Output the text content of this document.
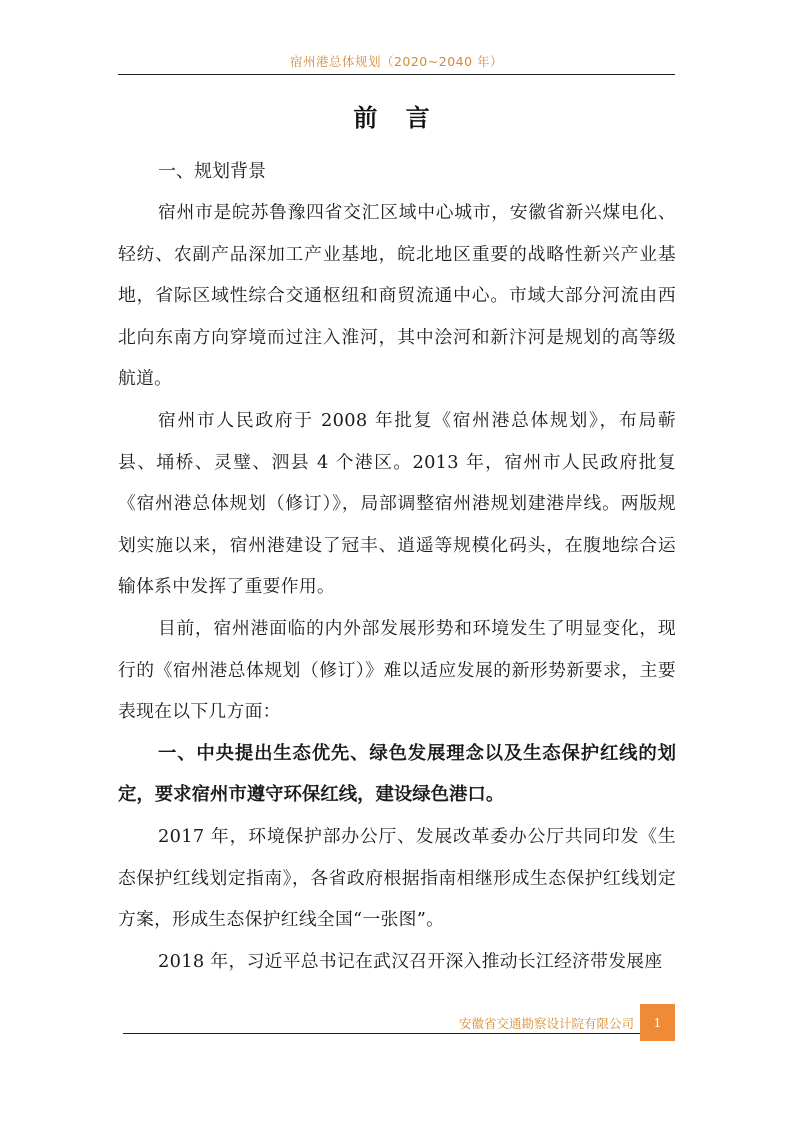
宿州港总体规划（2020~2040 年）
前 言

一、规划背景

宿州市是皖苏鲁豫四省交汇区域中心城市，安徽省新兴煤电化、轻纺、农副产品深加工产业基地，皖北地区重要的战略性新兴产业基地，省际区域性综合交通枢纽和商贸流通中心。市域大部分河流由西北向东南方向穿境而过注入淮河，其中浍河和新汴河是规划的高等级航道。

宿州市人民政府于 2008 年批复《宿州港总体规划》，布局蕲县、埇桥、灵璧、泗县 4 个港区。2013 年，宿州市人民政府批复《宿州港总体规划（修订）》，局部调整宿州港规划建港岸线。两版规划实施以来，宿州港建设了冠丰、逍遥等规模化码头，在腹地综合运输体系中发挥了重要作用。

目前，宿州港面临的内外部发展形势和环境发生了明显变化，现行的《宿州港总体规划（修订）》难以适应发展的新形势新要求，主要表现在以下几方面：

一、中央提出生态优先、绿色发展理念以及生态保护红线的划定，要求宿州市遵守环保红线，建设绿色港口。

2017 年，环境保护部办公厅、发展改革委办公厅共同印发《生态保护红线划定指南》，各省政府根据指南相继形成生态保护红线划定方案，形成生态保护红线全国“一张图”。

2018 年，习近平总书记在武汉召开深入推动长江经济带发展座

安徽省交通勘察设计院有限公司 1
